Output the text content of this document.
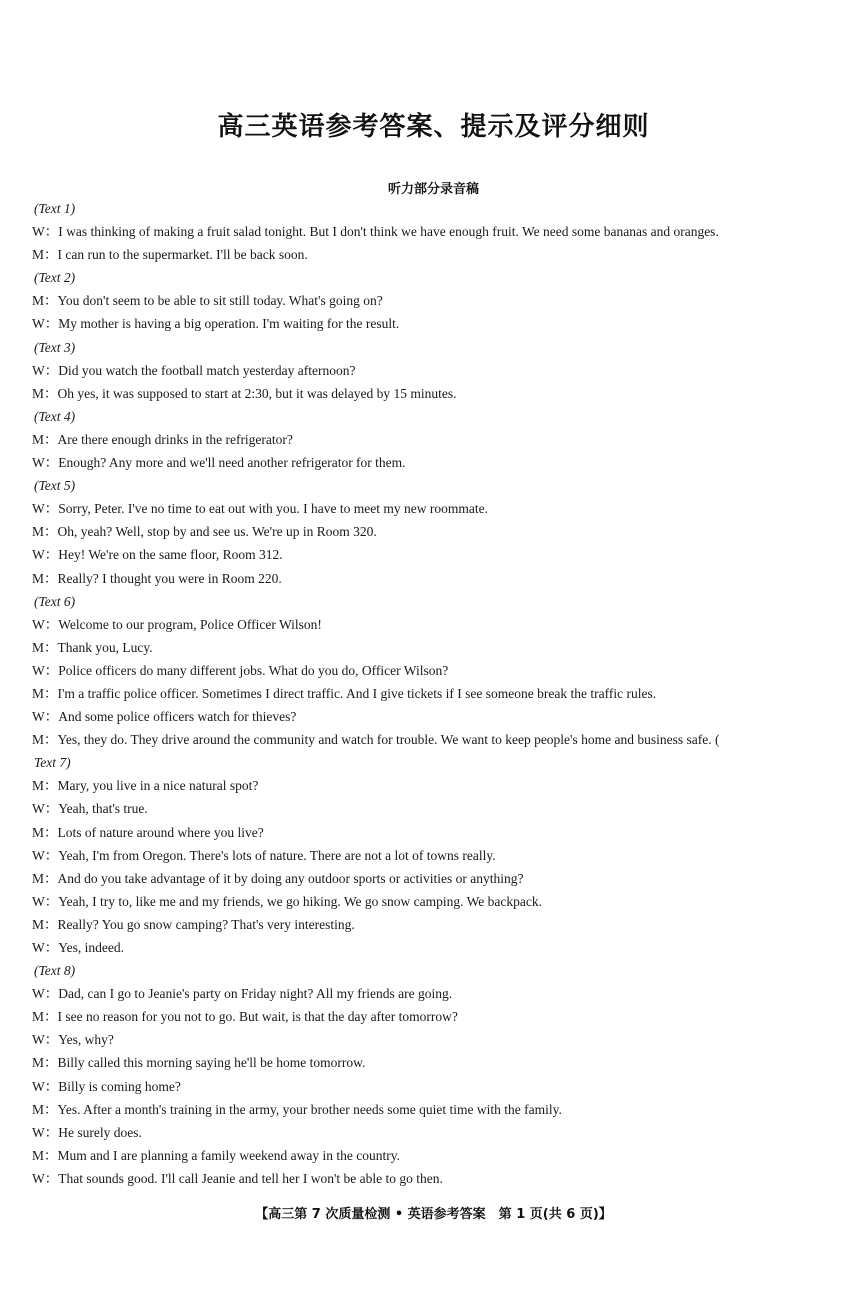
高三英语参考答案、提示及评分细则
听力部分录音稿
(Text 1)
W：I was thinking of making a fruit salad tonight. But I don't think we have enough fruit. We need some bananas and oranges.
M：I can run to the supermarket. I'll be back soon.
(Text 2)
M：You don't seem to be able to sit still today. What's going on?
W：My mother is having a big operation. I'm waiting for the result.
(Text 3)
W：Did you watch the football match yesterday afternoon?
M：Oh yes, it was supposed to start at 2:30, but it was delayed by 15 minutes.
(Text 4)
M：Are there enough drinks in the refrigerator?
W：Enough? Any more and we'll need another refrigerator for them.
(Text 5)
W：Sorry, Peter. I've no time to eat out with you. I have to meet my new roommate.
M：Oh, yeah? Well, stop by and see us. We're up in Room 320.
W：Hey! We're on the same floor, Room 312.
M：Really? I thought you were in Room 220.
(Text 6)
W：Welcome to our program, Police Officer Wilson!
M：Thank you, Lucy.
W：Police officers do many different jobs. What do you do, Officer Wilson?
M：I'm a traffic police officer. Sometimes I direct traffic. And I give tickets if I see someone break the traffic rules.
W：And some police officers watch for thieves?
M：Yes, they do. They drive around the community and watch for trouble. We want to keep people's home and business safe. (
Text 7)
M：Mary, you live in a nice natural spot?
W：Yeah, that's true.
M：Lots of nature around where you live?
W：Yeah, I'm from Oregon. There's lots of nature. There are not a lot of towns really.
M：And do you take advantage of it by doing any outdoor sports or activities or anything?
W：Yeah, I try to, like me and my friends, we go hiking. We go snow camping. We backpack.
M：Really? You go snow camping? That's very interesting.
W：Yes, indeed.
(Text 8)
W：Dad, can I go to Jeanie's party on Friday night? All my friends are going.
M：I see no reason for you not to go. But wait, is that the day after tomorrow?
W：Yes, why?
M：Billy called this morning saying he'll be home tomorrow.
W：Billy is coming home?
M：Yes. After a month's training in the army, your brother needs some quiet time with the family.
W：He surely does.
M：Mum and I are planning a family weekend away in the country.
W：That sounds good. I'll call Jeanie and tell her I won't be able to go then.
【高三第 7 次质量检测 • 英语参考答案　第 1 页(共 6 页)】
